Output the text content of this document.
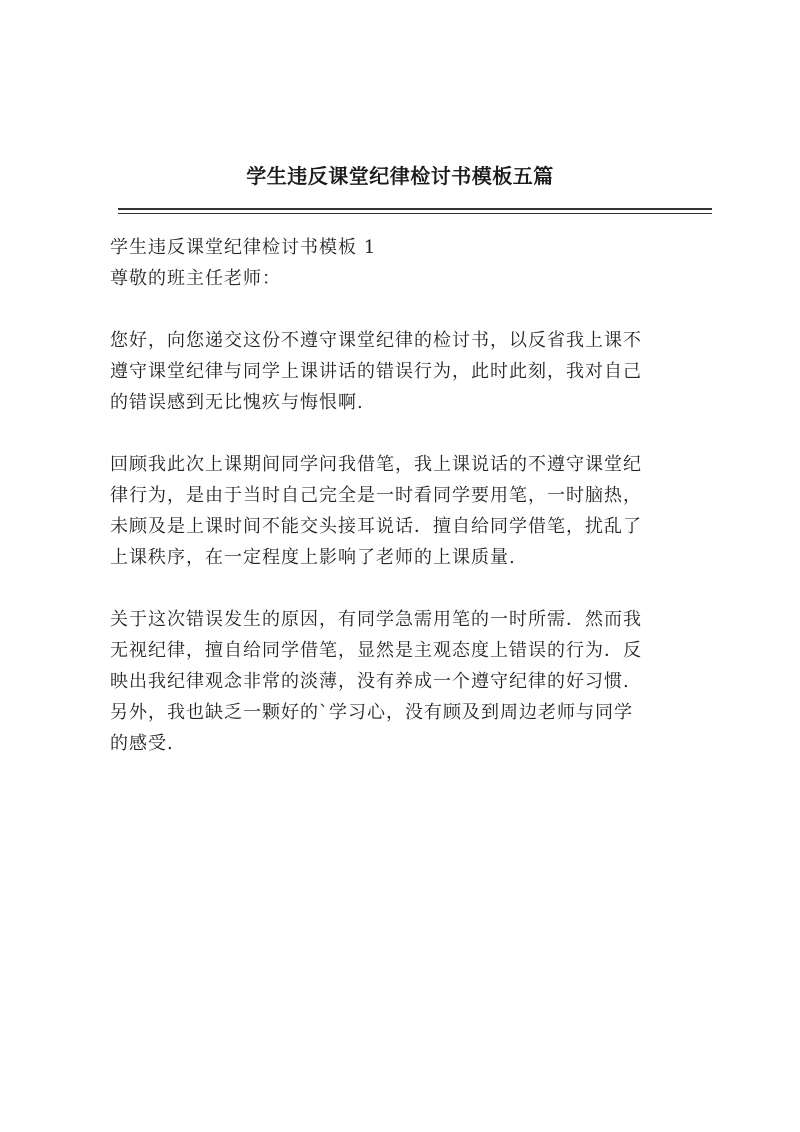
学生违反课堂纪律检讨书模板五篇
学生违反课堂纪律检讨书模板 1
尊敬的班主任老师：
您好，向您递交这份不遵守课堂纪律的检讨书，以反省我上课不
遵守课堂纪律与同学上课讲话的错误行为，此时此刻，我对自己
的错误感到无比愧疚与悔恨啊.
回顾我此次上课期间同学问我借笔，我上课说话的不遵守课堂纪
律行为，是由于当时自己完全是一时看同学要用笔，一时脑热，
未顾及是上课时间不能交头接耳说话．擅自给同学借笔，扰乱了
上课秩序，在一定程度上影响了老师的上课质量.
关于这次错误发生的原因，有同学急需用笔的一时所需．然而我
无视纪律，擅自给同学借笔，显然是主观态度上错误的行为．反
映出我纪律观念非常的淡薄，没有养成一个遵守纪律的好习惯.
另外，我也缺乏一颗好的`学习心，没有顾及到周边老师与同学
的感受.
